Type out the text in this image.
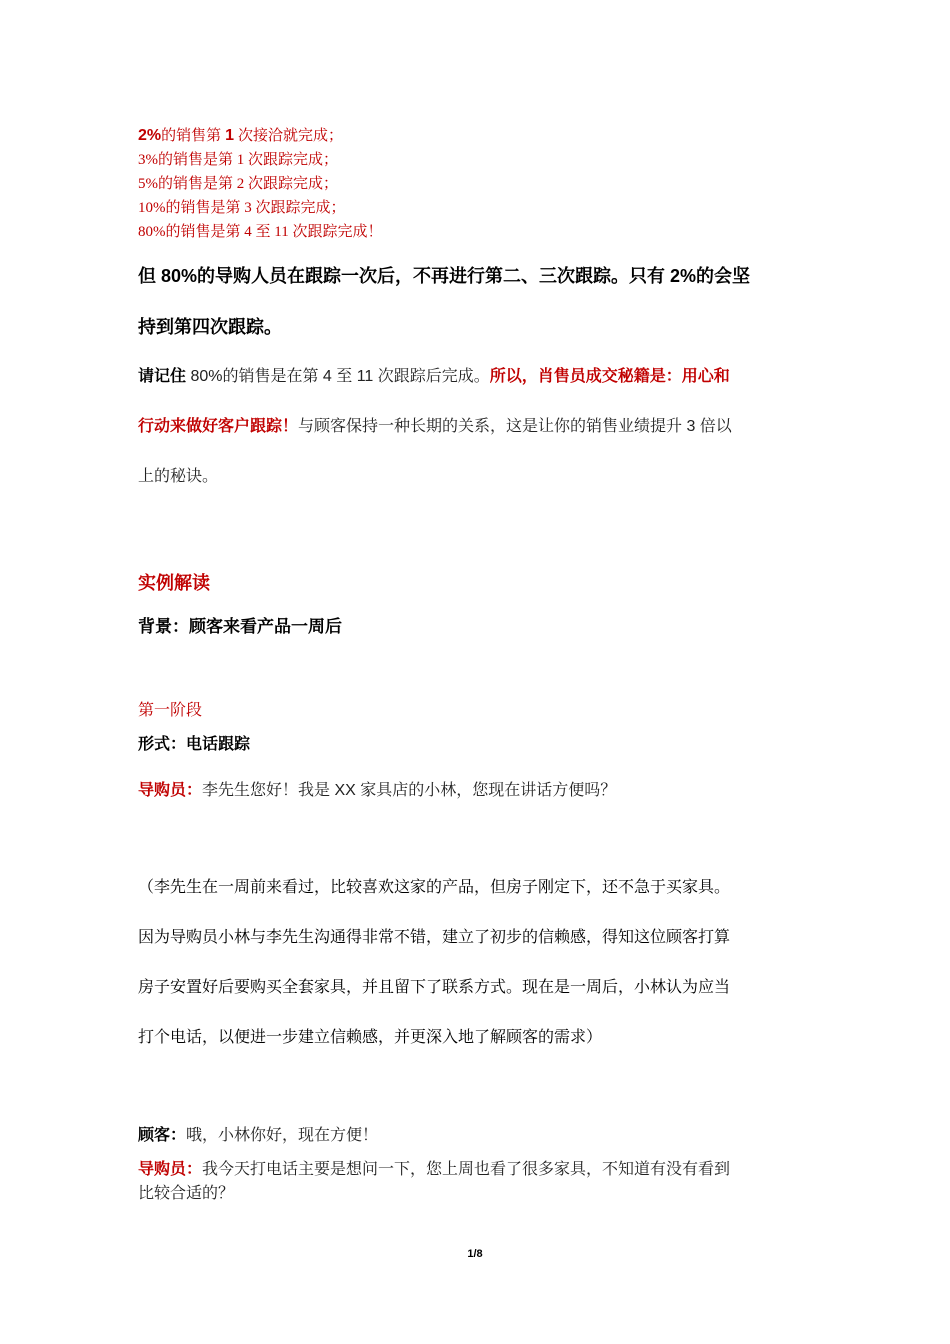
2%的销售第 1 次接洽就完成；
3%的销售是第 1 次跟踪完成；
5%的销售是第 2 次跟踪完成；
10%的销售是第 3 次跟踪完成；
80%的销售是第 4 至 11 次跟踪完成！
但 80%的导购人员在跟踪一次后，不再进行第二、三次跟踪。只有 2%的会坚
持到第四次跟踪。
请记住 80%的销售是在第 4 至 11 次跟踪后完成。所以，肖售员成交秘籍是：用心和
行动来做好客户跟踪！与顾客保持一种长期的关系，这是让你的销售业绩提升 3 倍以
上的秘诀。
实例解读
背景：顾客来看产品一周后
第一阶段
形式：电话跟踪
导购员：李先生您好！我是 XX 家具店的小林，您现在讲话方便吗？
（李先生在一周前来看过，比较喜欢这家的产品，但房子刚定下，还不急于买家具。
因为导购员小林与李先生沟通得非常不错，建立了初步的信赖感，得知这位顾客打算
房子安置好后要购买全套家具，并且留下了联系方式。现在是一周后，小林认为应当
打个电话，以便进一步建立信赖感，并更深入地了解顾客的需求）
顾客：哦，小林你好，现在方便！
导购员：我今天打电话主要是想问一下，您上周也看了很多家具，不知道有没有看到
比较合适的？
1/8
